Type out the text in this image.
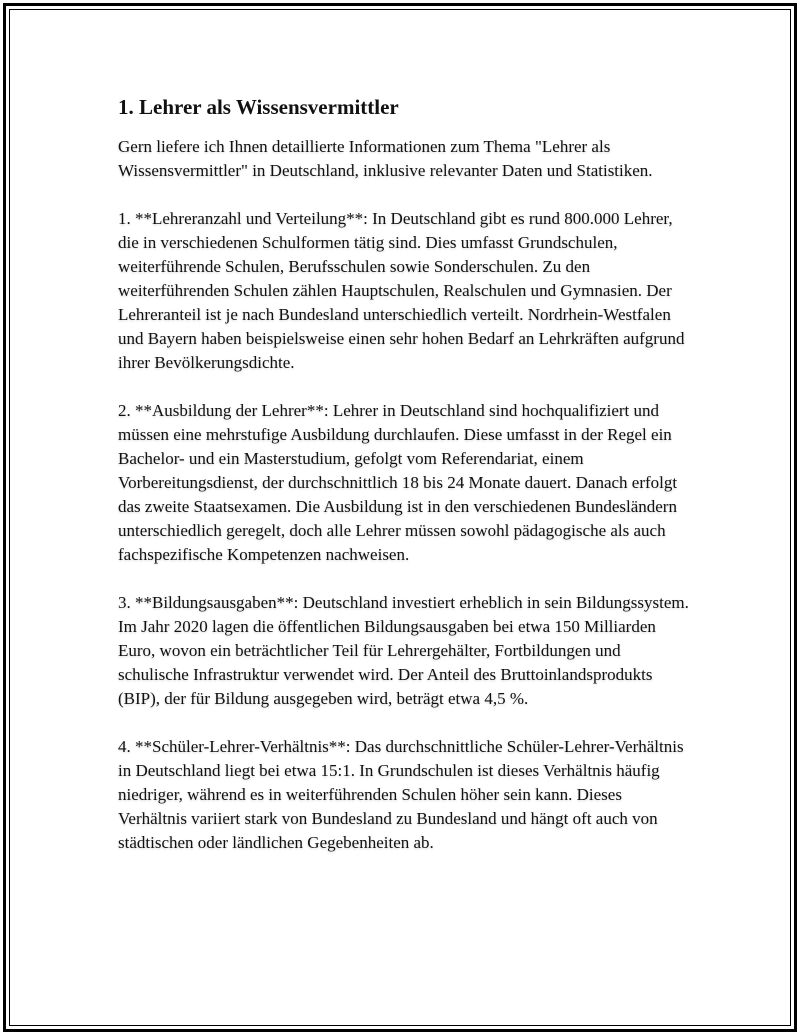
1. Lehrer als Wissensvermittler

Gern liefere ich Ihnen detaillierte Informationen zum Thema "Lehrer als Wissensvermittler" in Deutschland, inklusive relevanter Daten und Statistiken.

1. **Lehreranzahl und Verteilung**: In Deutschland gibt es rund 800.000 Lehrer, die in verschiedenen Schulformen tätig sind. Dies umfasst Grundschulen, weiterführende Schulen, Berufsschulen sowie Sonderschulen. Zu den weiterführenden Schulen zählen Hauptschulen, Realschulen und Gymnasien. Der Lehreranteil ist je nach Bundesland unterschiedlich verteilt. Nordrhein-Westfalen und Bayern haben beispielsweise einen sehr hohen Bedarf an Lehrkräften aufgrund ihrer Bevölkerungsdichte.

2. **Ausbildung der Lehrer**: Lehrer in Deutschland sind hochqualifiziert und müssen eine mehrstufige Ausbildung durchlaufen. Diese umfasst in der Regel ein Bachelor- und ein Masterstudium, gefolgt vom Referendariat, einem Vorbereitungsdienst, der durchschnittlich 18 bis 24 Monate dauert. Danach erfolgt das zweite Staatsexamen. Die Ausbildung ist in den verschiedenen Bundesländern unterschiedlich geregelt, doch alle Lehrer müssen sowohl pädagogische als auch fachspezifische Kompetenzen nachweisen.

3. **Bildungsausgaben**: Deutschland investiert erheblich in sein Bildungssystem. Im Jahr 2020 lagen die öffentlichen Bildungsausgaben bei etwa 150 Milliarden Euro, wovon ein beträchtlicher Teil für Lehrergehälter, Fortbildungen und schulische Infrastruktur verwendet wird. Der Anteil des Bruttoinlandsprodukts (BIP), der für Bildung ausgegeben wird, beträgt etwa 4,5 %.

4. **Schüler-Lehrer-Verhältnis**: Das durchschnittliche Schüler-Lehrer-Verhältnis in Deutschland liegt bei etwa 15:1. In Grundschulen ist dieses Verhältnis häufig niedriger, während es in weiterführenden Schulen höher sein kann. Dieses Verhältnis variiert stark von Bundesland zu Bundesland und hängt oft auch von städtischen oder ländlichen Gegebenheiten ab.
